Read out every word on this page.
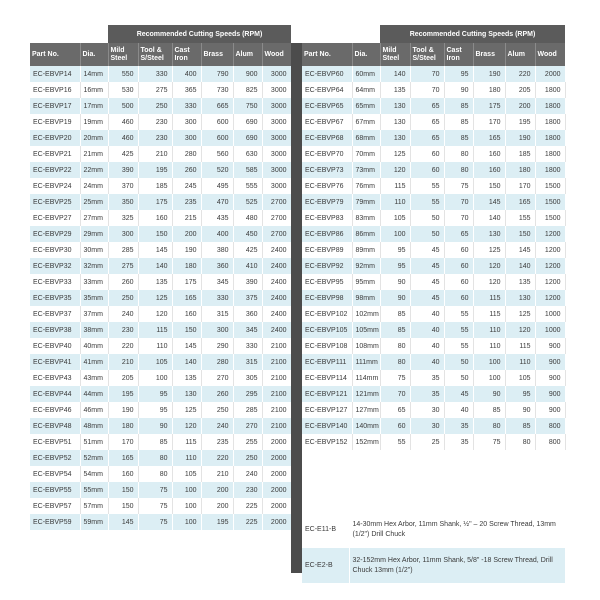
Recommended Cutting Speeds (RPM)
Part No.	Dia.	Mild Steel	Tool & S/Steel	Cast Iron	Brass	Alum	Wood
EC-EBVP14	14mm	550	330	400	790	900	3000
EC-EBVP16	16mm	530	275	365	730	825	3000
EC-EBVP17	17mm	500	250	330	665	750	3000
EC-EBVP19	19mm	460	230	300	600	690	3000
EC-EBVP20	20mm	460	230	300	600	690	3000
EC-EBVP21	21mm	425	210	280	560	630	3000
EC-EBVP22	22mm	390	195	260	520	585	3000
EC-EBVP24	24mm	370	185	245	495	555	3000
EC-EBVP25	25mm	350	175	235	470	525	2700
EC-EBVP27	27mm	325	160	215	435	480	2700
EC-EBVP29	29mm	300	150	200	400	450	2700
EC-EBVP30	30mm	285	145	190	380	425	2400
EC-EBVP32	32mm	275	140	180	360	410	2400
EC-EBVP33	33mm	260	135	175	345	390	2400
EC-EBVP35	35mm	250	125	165	330	375	2400
EC-EBVP37	37mm	240	120	160	315	360	2400
EC-EBVP38	38mm	230	115	150	300	345	2400
EC-EBVP40	40mm	220	110	145	290	330	2100
EC-EBVP41	41mm	210	105	140	280	315	2100
EC-EBVP43	43mm	205	100	135	270	305	2100
EC-EBVP44	44mm	195	95	130	260	295	2100
EC-EBVP46	46mm	190	95	125	250	285	2100
EC-EBVP48	48mm	180	90	120	240	270	2100
EC-EBVP51	51mm	170	85	115	235	255	2000
EC-EBVP52	52mm	165	80	110	220	250	2000
EC-EBVP54	54mm	160	80	105	210	240	2000
EC-EBVP55	55mm	150	75	100	200	230	2000
EC-EBVP57	57mm	150	75	100	200	225	2000
EC-EBVP59	59mm	145	75	100	195	225	2000
Recommended Cutting Speeds (RPM)
Part No.	Dia.	Mild Steel	Tool & S/Steel	Cast Iron	Brass	Alum	Wood
EC-EBVP60	60mm	140	70	95	190	220	2000
EC-EBVP64	64mm	135	70	90	180	205	1800
EC-EBVP65	65mm	130	65	85	175	200	1800
EC-EBVP67	67mm	130	65	85	170	195	1800
EC-EBVP68	68mm	130	65	85	165	190	1800
EC-EBVP70	70mm	125	60	80	160	185	1800
EC-EBVP73	73mm	120	60	80	160	180	1800
EC-EBVP76	76mm	115	55	75	150	170	1500
EC-EBVP79	79mm	110	55	70	145	165	1500
EC-EBVP83	83mm	105	50	70	140	155	1500
EC-EBVP86	86mm	100	50	65	130	150	1200
EC-EBVP89	89mm	95	45	60	125	145	1200
EC-EBVP92	92mm	95	45	60	120	140	1200
EC-EBVP95	95mm	90	45	60	120	135	1200
EC-EBVP98	98mm	90	45	60	115	130	1200
EC-EBVP102	102mm	85	40	55	115	125	1000
EC-EBVP105	105mm	85	40	55	110	120	1000
EC-EBVP108	108mm	80	40	55	110	115	900
EC-EBVP111	111mm	80	40	50	100	110	900
EC-EBVP114	114mm	75	35	50	100	105	900
EC-EBVP121	121mm	70	35	45	90	95	900
EC-EBVP127	127mm	65	30	40	85	90	900
EC-EBVP140	140mm	60	30	35	80	85	800
EC-EBVP152	152mm	55	25	35	75	80	800
EC-E11-B	14-30mm Hex Arbor, 11mm Shank, ½" – 20 Screw Thread, 13mm (1/2") Drill Chuck
EC-E2-B	32-152mm Hex Arbor, 11mm Shank, 5/8" -18 Screw Thread, Drill Chuck 13mm (1/2")
